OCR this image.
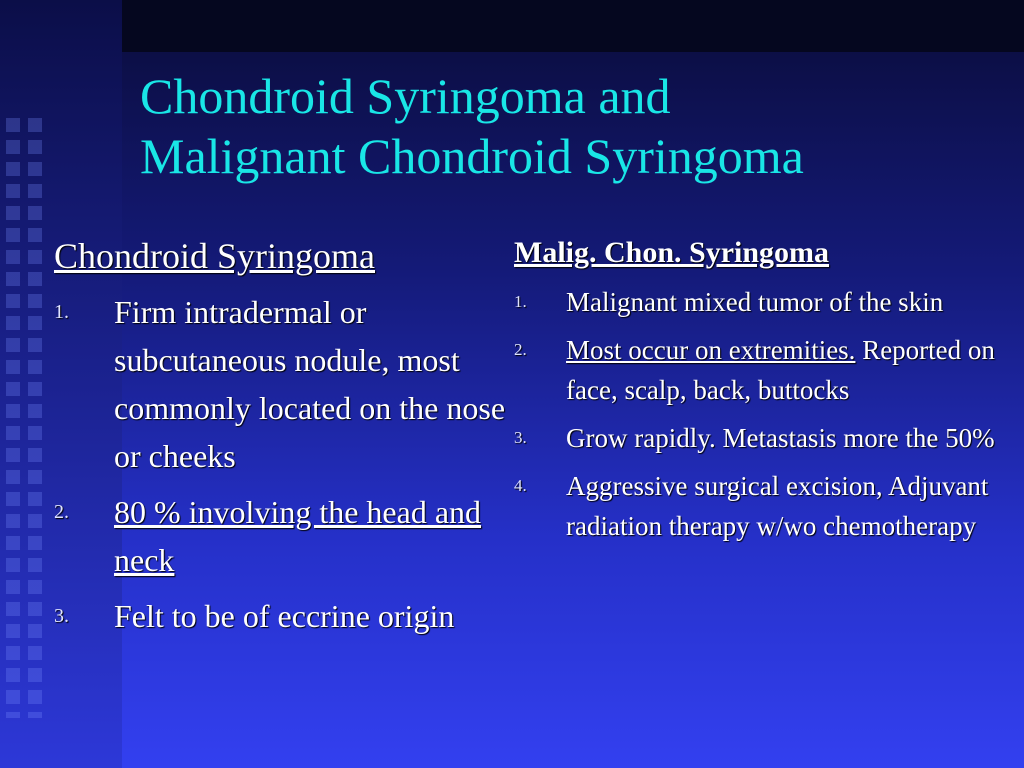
Chondroid Syringoma and
Malignant Chondroid Syringoma

Chondroid Syringoma

1.	Firm intradermal or subcutaneous nodule, most commonly located on the nose or cheeks
2.	80 % involving the head and neck
3.	Felt to be of eccrine origin

Malig. Chon. Syringoma

1.	Malignant mixed tumor of the skin
2.	Most occur on extremities. Reported on face, scalp, back, buttocks
3.	Grow rapidly. Metastasis more the 50%
4.	Aggressive surgical excision, Adjuvant radiation therapy w/wo chemotherapy
